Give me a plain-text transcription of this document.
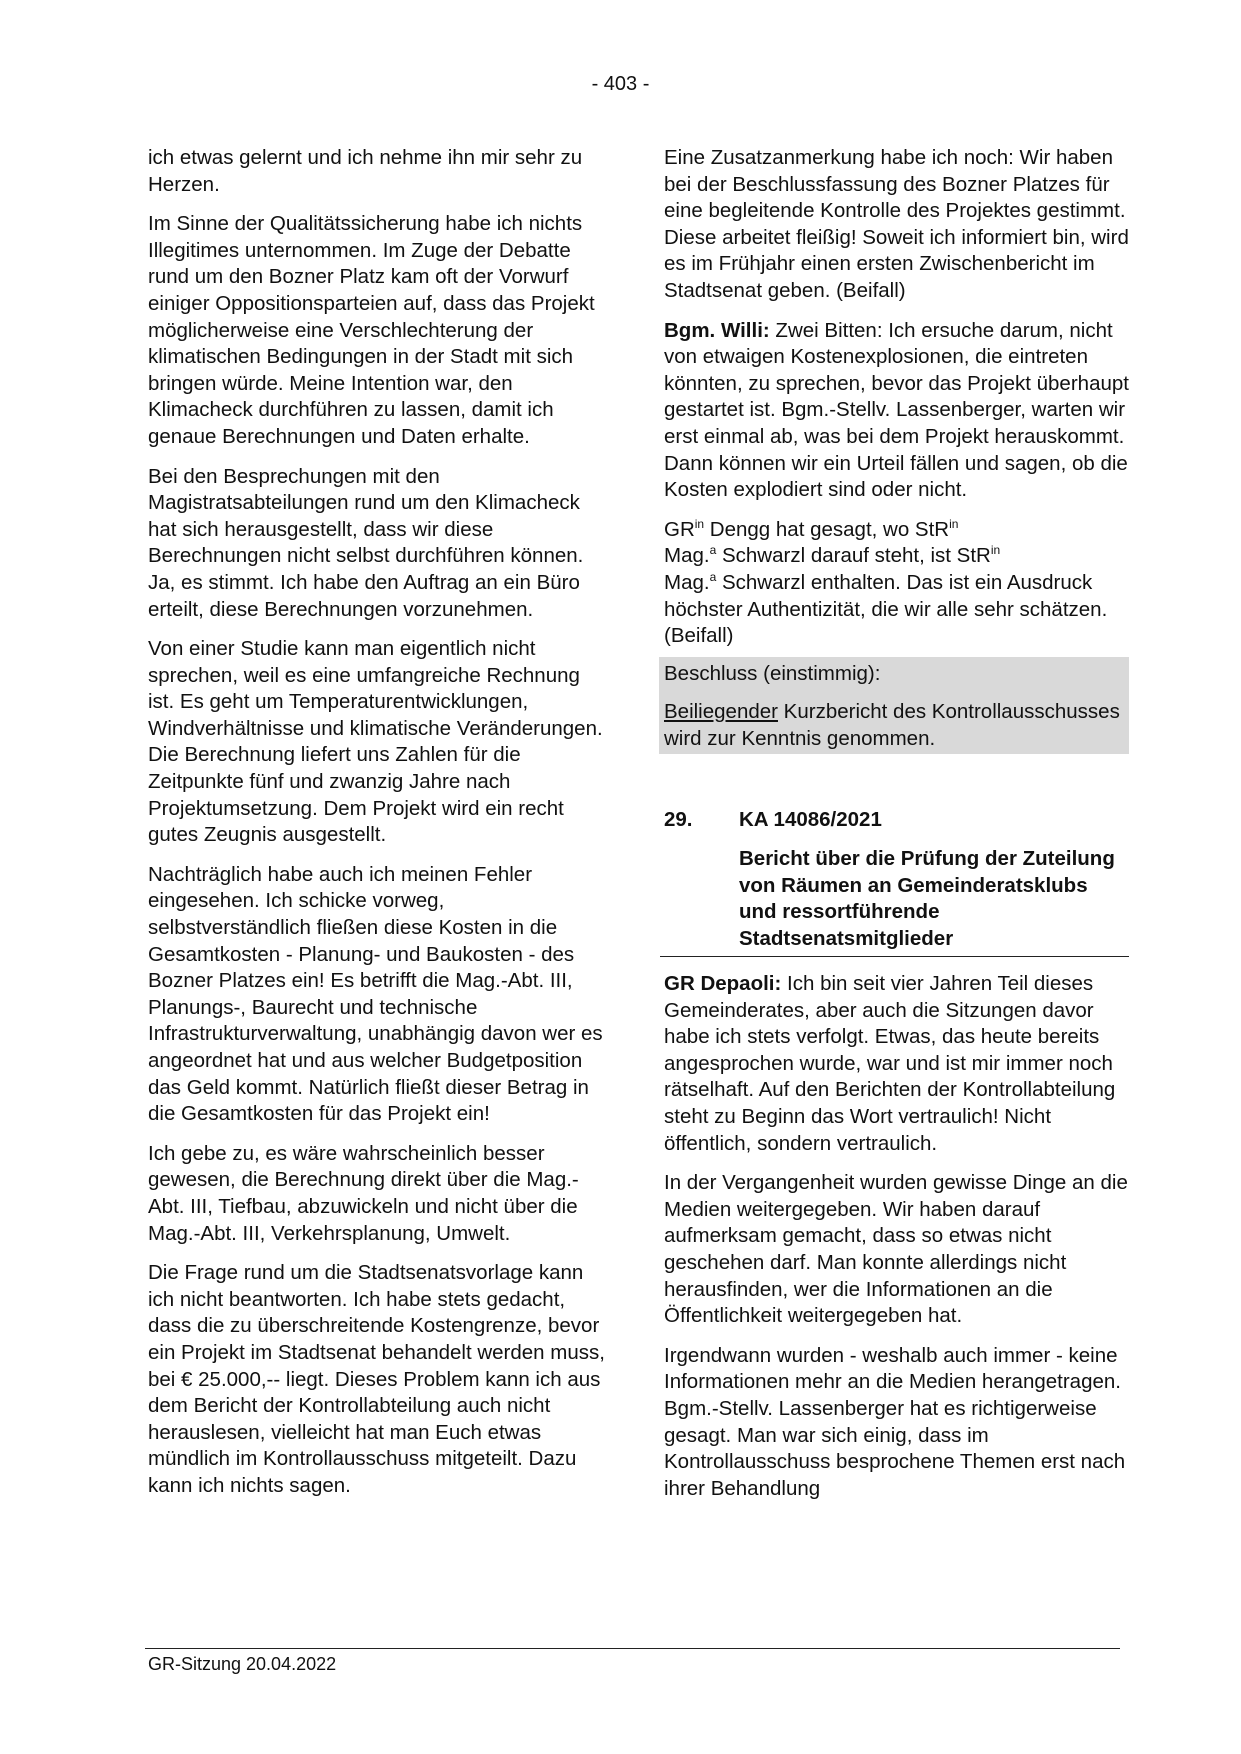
- 403 -

ich etwas gelernt und ich nehme ihn mir sehr zu Herzen.

Im Sinne der Qualitätssicherung habe ich nichts Illegitimes unternommen. Im Zuge der Debatte rund um den Bozner Platz kam oft der Vorwurf einiger Oppositionsparteien auf, dass das Projekt möglicherweise eine Verschlechterung der klimatischen Bedingungen in der Stadt mit sich bringen würde. Meine Intention war, den Klimacheck durchführen zu lassen, damit ich genaue Berechnungen und Daten erhalte.

Bei den Besprechungen mit den Magistratsabteilungen rund um den Klimacheck hat sich herausgestellt, dass wir diese Berechnungen nicht selbst durchführen können. Ja, es stimmt. Ich habe den Auftrag an ein Büro erteilt, diese Berechnungen vorzunehmen.

Von einer Studie kann man eigentlich nicht sprechen, weil es eine umfangreiche Rechnung ist. Es geht um Temperaturentwicklungen, Windverhältnisse und klimatische Veränderungen. Die Berechnung liefert uns Zahlen für die Zeitpunkte fünf und zwanzig Jahre nach Projektumsetzung. Dem Projekt wird ein recht gutes Zeugnis ausgestellt.

Nachträglich habe auch ich meinen Fehler eingesehen. Ich schicke vorweg, selbstverständlich fließen diese Kosten in die Gesamtkosten - Planung- und Baukosten - des Bozner Platzes ein! Es betrifft die Mag.-Abt. III, Planungs-, Baurecht und technische Infrastrukturverwaltung, unabhängig davon wer es angeordnet hat und aus welcher Budgetposition das Geld kommt. Natürlich fließt dieser Betrag in die Gesamtkosten für das Projekt ein!

Ich gebe zu, es wäre wahrscheinlich besser gewesen, die Berechnung direkt über die Mag.-Abt. III, Tiefbau, abzuwickeln und nicht über die Mag.-Abt. III, Verkehrsplanung, Umwelt.

Die Frage rund um die Stadtsenatsvorlage kann ich nicht beantworten. Ich habe stets gedacht, dass die zu überschreitende Kostengrenze, bevor ein Projekt im Stadtsenat behandelt werden muss, bei € 25.000,-- liegt. Dieses Problem kann ich aus dem Bericht der Kontrollabteilung auch nicht herauslesen, vielleicht hat man Euch etwas mündlich im Kontrollausschuss mitgeteilt. Dazu kann ich nichts sagen.

Eine Zusatzanmerkung habe ich noch: Wir haben bei der Beschlussfassung des Bozner Platzes für eine begleitende Kontrolle des Projektes gestimmt. Diese arbeitet fleißig! Soweit ich informiert bin, wird es im Frühjahr einen ersten Zwischenbericht im Stadtsenat geben. (Beifall)

Bgm. Willi: Zwei Bitten: Ich ersuche darum, nicht von etwaigen Kostenexplosionen, die eintreten könnten, zu sprechen, bevor das Projekt überhaupt gestartet ist. Bgm.-Stellv. Lassenberger, warten wir erst einmal ab, was bei dem Projekt herauskommt. Dann können wir ein Urteil fällen und sagen, ob die Kosten explodiert sind oder nicht.

$GR^{in}$ Dengg hat gesagt, wo StR$^{in}$
Mag.$^a$ Schwarzl darauf steht, ist StR$^{in}$
Mag.$^a$ Schwarzl enthalten. Das ist ein Ausdruck höchster Authentizität, die wir alle sehr schätzen. (Beifall)

Beschluss (einstimmig):

Beiliegender Kurzbericht des Kontrollausschusses wird zur Kenntnis genommen.

29.	KA 14086/2021
Bericht über die Prüfung der Zuteilung von Räumen an Gemeinderatsklubs und ressortführende Stadtsenatsmitglieder

GR Depaoli: Ich bin seit vier Jahren Teil dieses Gemeinderates, aber auch die Sitzungen davor habe ich stets verfolgt. Etwas, das heute bereits angesprochen wurde, war und ist mir immer noch rätselhaft. Auf den Berichten der Kontrollabteilung steht zu Beginn das Wort vertraulich! Nicht öffentlich, sondern vertraulich.

In der Vergangenheit wurden gewisse Dinge an die Medien weitergegeben. Wir haben darauf aufmerksam gemacht, dass so etwas nicht geschehen darf. Man konnte allerdings nicht herausfinden, wer die Informationen an die Öffentlichkeit weitergegeben hat.

Irgendwann wurden - weshalb auch immer - keine Informationen mehr an die Medien herangetragen. Bgm.-Stellv. Lassenberger hat es richtigerweise gesagt. Man war sich einig, dass im Kontrollausschuss besprochene Themen erst nach ihrer Behandlung

GR-Sitzung 20.04.2022
